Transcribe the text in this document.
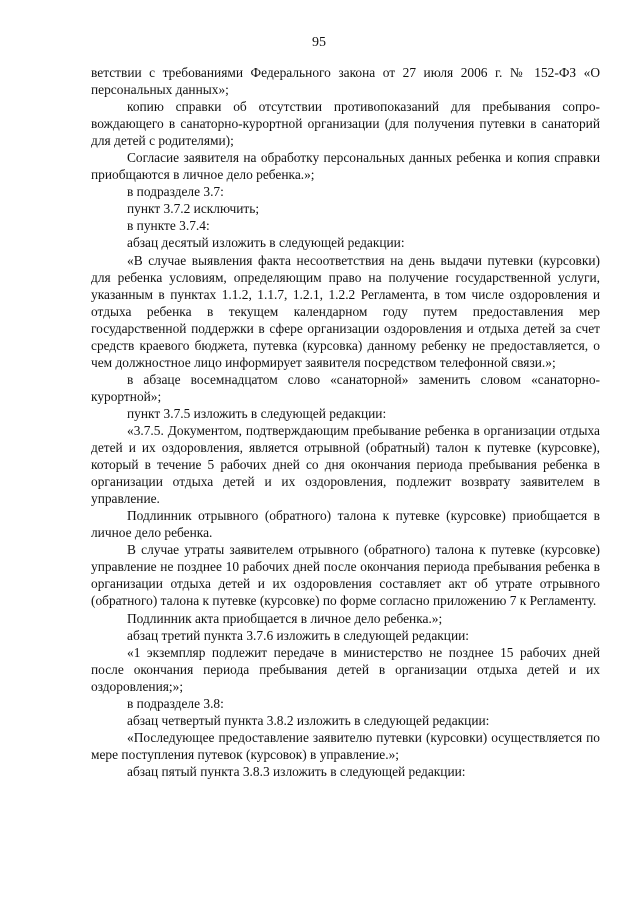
95

ветствии с требованиями Федерального закона от 27 июля 2006 г. № 152-ФЗ «О персональных данных»;

копию справки об отсутствии противопоказаний для пребывания сопровождающего в санаторно-курортной организации (для получения путевки в санаторий для детей с родителями);

Согласие заявителя на обработку персональных данных ребенка и копия справки приобщаются в личное дело ребенка.»;

в подразделе 3.7:

пункт 3.7.2 исключить;

в пункте 3.7.4:

абзац десятый изложить в следующей редакции:

«В случае выявления факта несоответствия на день выдачи путевки (курсовки) для ребенка условиям, определяющим право на получение государственной услуги, указанным в пунктах 1.1.2, 1.1.7, 1.2.1, 1.2.2 Регламента, в том числе оздоровления и отдыха ребенка в текущем календарном году путем предоставления мер государственной поддержки в сфере организации оздоровления и отдыха детей за счет средств краевого бюджета, путевка (курсовка) данному ребенку не предоставляется, о чем должностное лицо информирует заявителя посредством телефонной связи.»;

в абзаце восемнадцатом слово «санаторной» заменить словом «санаторно-курортной»;

пункт 3.7.5 изложить в следующей редакции:

«3.7.5. Документом, подтверждающим пребывание ребенка в организации отдыха детей и их оздоровления, является отрывной (обратный) талон к путевке (курсовке), который в течение 5 рабочих дней со дня окончания периода пребывания ребенка в организации отдыха детей и их оздоровления, подлежит возврату заявителем в управление.

Подлинник отрывного (обратного) талона к путевке (курсовке) приобщается в личное дело ребенка.

В случае утраты заявителем отрывного (обратного) талона к путевке (курсовке) управление не позднее 10 рабочих дней после окончания периода пребывания ребенка в организации отдыха детей и их оздоровления составляет акт об утрате отрывного (обратного) талона к путевке (курсовке) по форме согласно приложению 7 к Регламенту.

Подлинник акта приобщается в личное дело ребенка.»;

абзац третий пункта 3.7.6 изложить в следующей редакции:

«1 экземпляр подлежит передаче в министерство не позднее 15 рабочих дней после окончания периода пребывания детей в организации отдыха детей и их оздоровления;»;

в подразделе 3.8:

абзац четвертый пункта 3.8.2 изложить в следующей редакции:

«Последующее предоставление заявителю путевки (курсовки) осуществляется по мере поступления путевок (курсовок) в управление.»;

абзац пятый пункта 3.8.3 изложить в следующей редакции:
